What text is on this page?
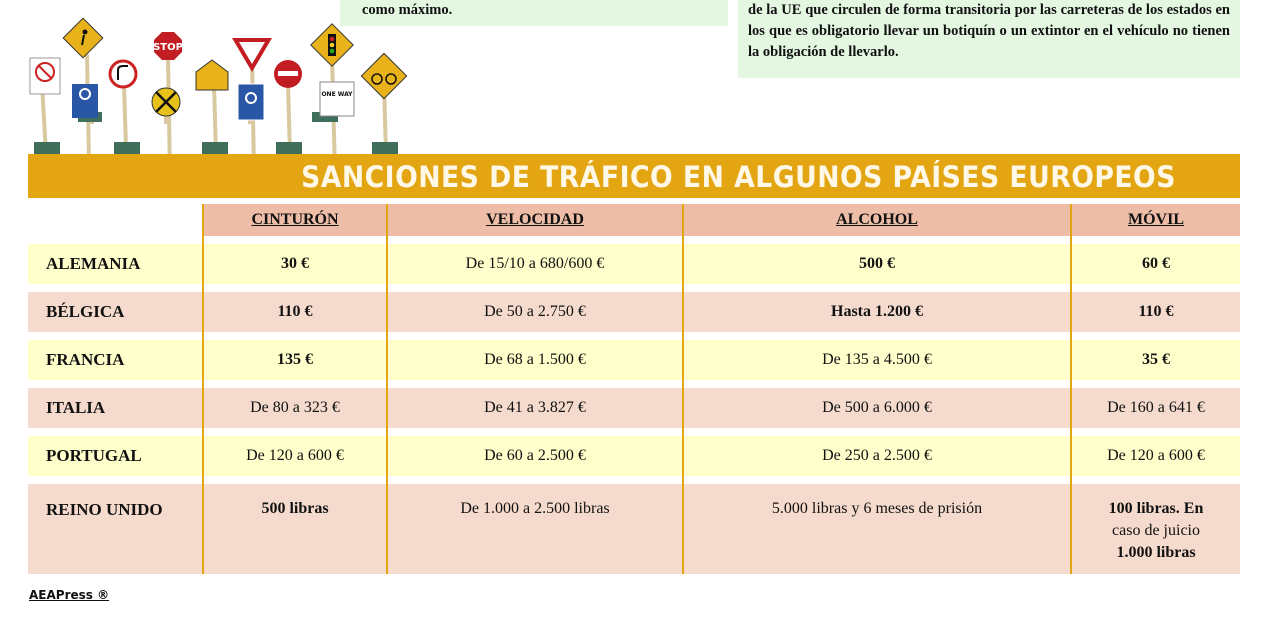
como máximo.	de la UE que circulen de forma transitoria por las carreteras de los estados en los que es obligatorio llevar un botiquín o un extintor en el vehículo no tienen la obligación de llevarlo.
STOP
ONE WAY
SANCIONES DE TRÁFICO EN ALGUNOS PAÍSES EUROPEOS
	CINTURÓN	VELOCIDAD	ALCOHOL	MÓVIL

ALEMANIA	30 €	De 15/10 a 680/600 €	500 €	60 €

BÉLGICA	110 €	De 50 a 2.750 €	Hasta 1.200 €	110 €

FRANCIA	135 €	De 68 a 1.500 €	De 135 a 4.500 €	35 €

ITALIA	De 80 a 323 €	De 41 a 3.827 €	De 500 a 6.000 €	De 160 a 641 €

PORTUGAL	De 120 a 600 €	De 60 a 2.500 €	De 250 a 2.500 €	De 120 a 600 €

REINO UNIDO	500 libras	De 1.000 a 2.500 libras	5.000 libras y 6 meses de prisión	100 libras. En
caso de juicio
1.000 libras
AEAPress ®
